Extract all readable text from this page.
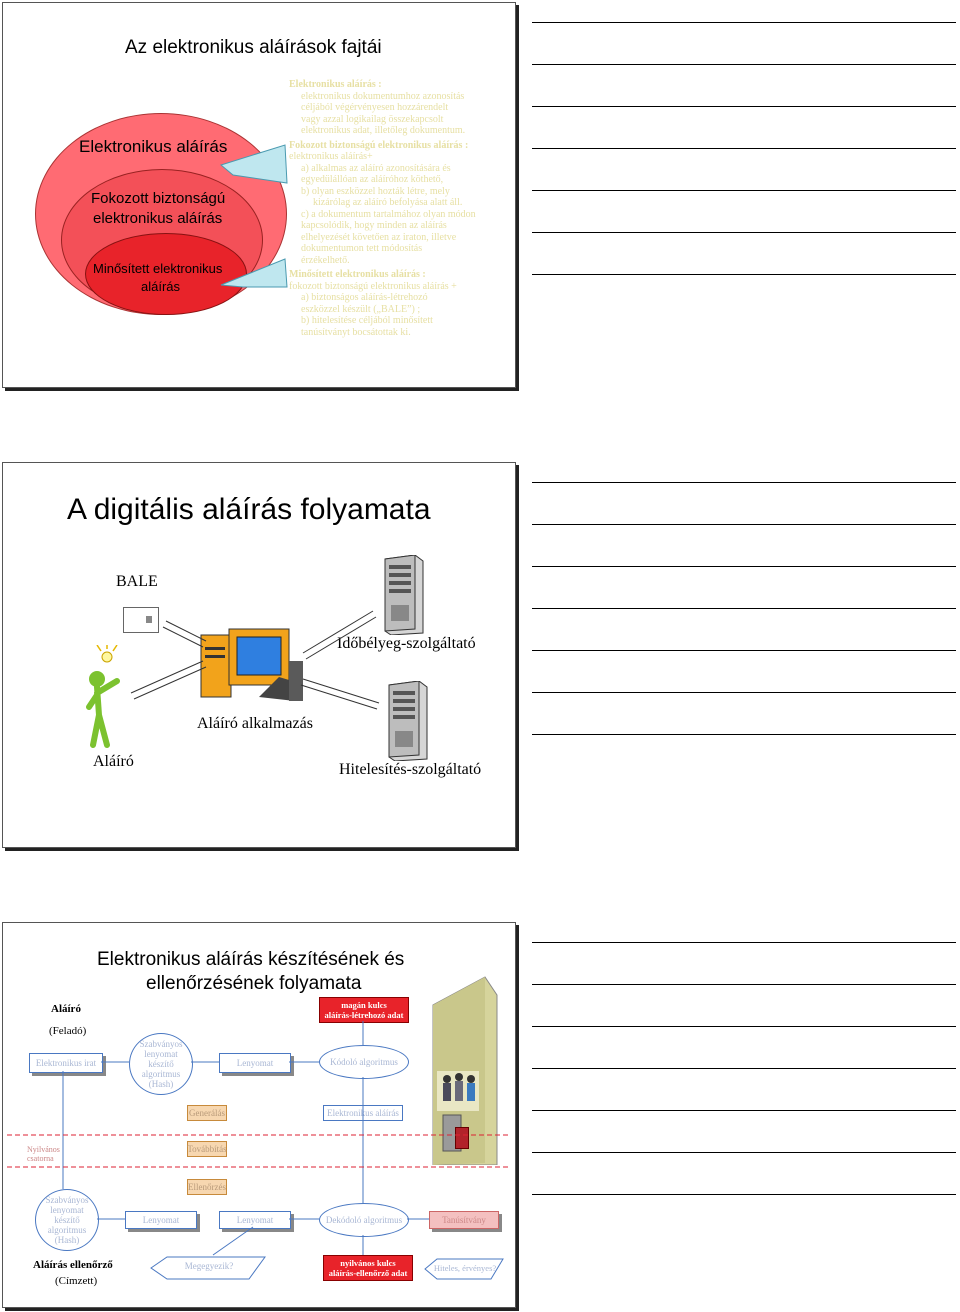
Az elektronikus aláírások fajtái
Elektronikus aláírás
Fokozott biztonságú
elektronikus aláírás
Minősített elektronikus
aláírás
Elektronikus aláírás :
elektronikus dokumentumhoz azonosítás
céljából végérvényesen hozzárendelt
vagy azzal logikailag összekapcsolt
elektronikus adat, illetőleg dokumentum.
Fokozott biztonságú elektronikus aláírás :
elektronikus aláírás+
a) alkalmas az aláíró azonosítására és
egyedülállóan az aláíróhoz köthető,
b) olyan eszközzel hozták létre, mely
kizárólag az aláíró befolyása alatt áll.
c) a dokumentum tartalmához olyan módon
kapcsolódik, hogy minden az aláírás
elhelyezését követően az iraton, illetve
dokumentumon tett módosítás
érzékelhető.
Minősített elektronikus aláírás :
fokozott biztonságú elektronikus aláírás +
a) biztonságos aláírás-létrehozó
eszközzel készült („BALE”) ;
b) hitelesítése céljából minősített
tanúsítványt bocsátottak ki.
A digitális aláírás folyamata
BALE
Időbélyeg-szolgáltató
Hitelesítés-szolgáltató
Aláíró alkalmazás
Aláíró
Elektronikus aláírás készítésének és
ellenőrzésének folyamata
Aláíró
(Feladó)
magán kulcs
aláírás-létrehozó adat
Elektronikus irat
Szabványos
lenyomat
készítő
algoritmus
(Hash)
Lenyomat	Kódoló algoritmus
Generálás	Elektronikus aláírás
Továbbítás
Nyilvános
csatorna
Ellenőrzés
Szabványos
lenyomat
készítő
algoritmus
(Hash)
Lenyomat	Lenyomat	Dekódoló algoritmus	Tanúsítvány
Aláírás ellenőrző
(Címzett)
Megegyezik?	nyilvános kulcs
aláírás-ellenőrző adat	Hiteles, érvényes?
